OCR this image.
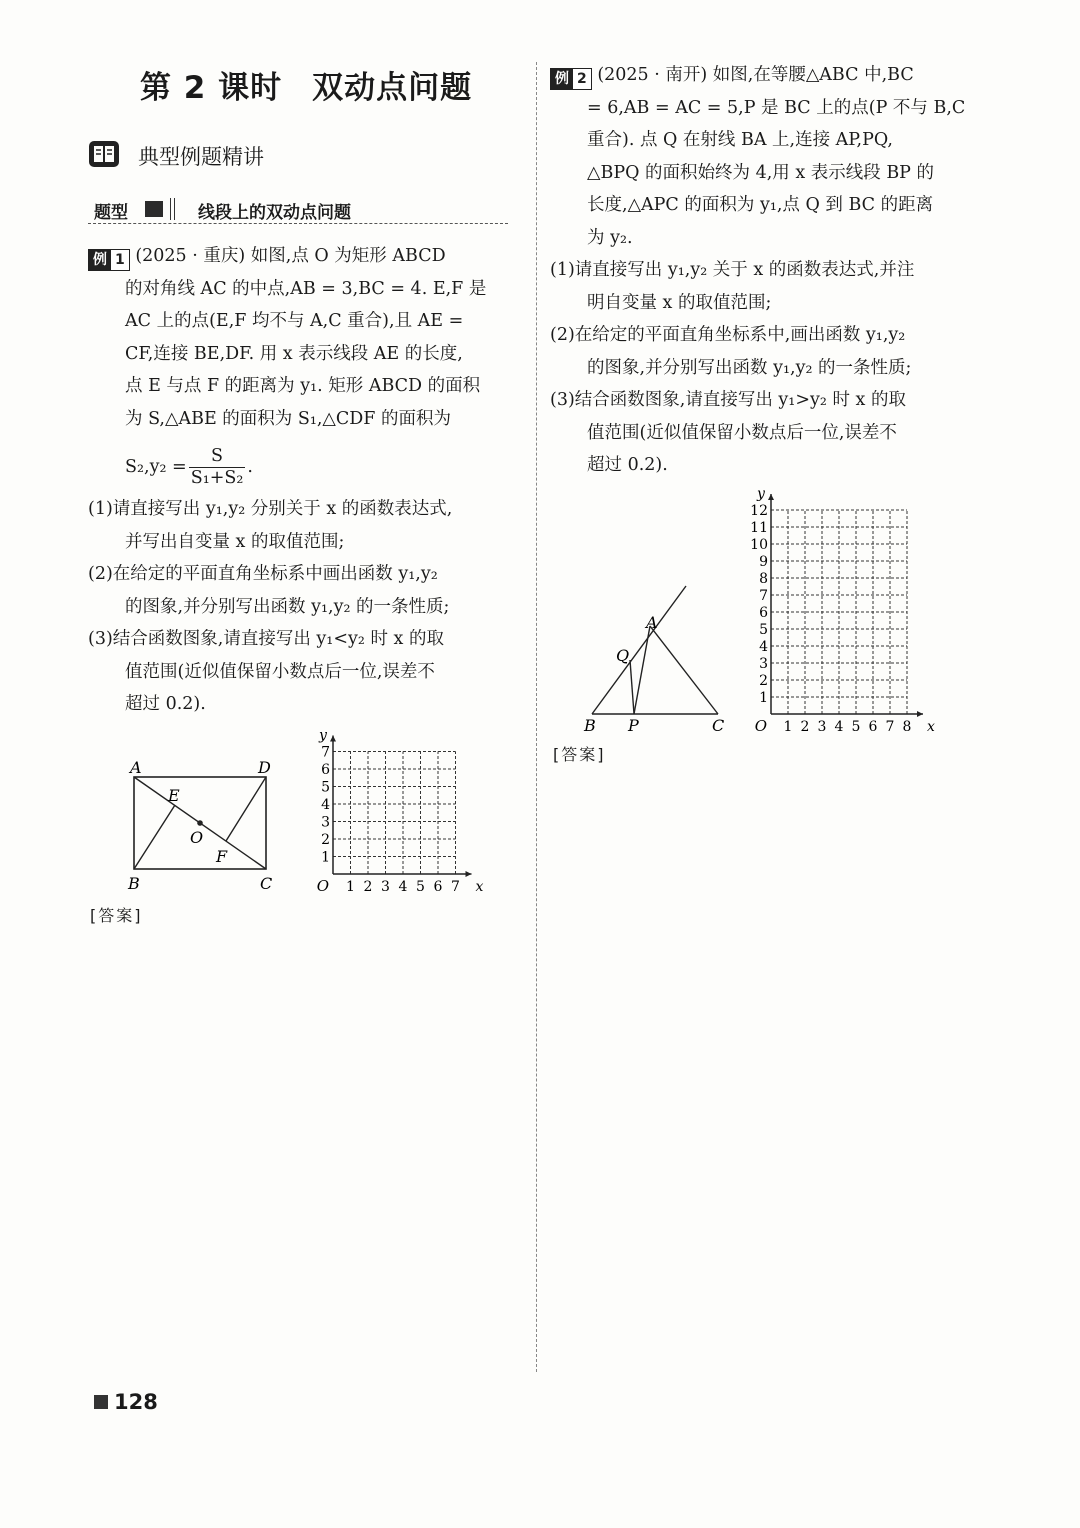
第 2 课时 双动点问题
典型例题精讲
题型	线段上的双动点问题
例 1 (2025 · 重庆) 如图,点 O 为矩形 ABCD
的对角线 AC 的中点,AB = 3,BC = 4. E,F 是
AC 上的点(E,F 均不与 A,C 重合),且 AE =
CF,连接 BE,DF. 用 x 表示线段 AE 的长度,
点 E 与点 F 的距离为 y₁. 矩形 ABCD 的面积
为 S,△ABE 的面积为 S₁,△CDF 的面积为
$S_2,y_2 = \frac{S}{\text{S₁+S₂}}$ .
(1)请直接写出 y₁,y₂ 分别关于 x 的函数表达式,
并写出自变量 x 的取值范围;
(2)在给定的平面直角坐标系中画出函数 y₁,y₂
的图象,并分别写出函数 y₁,y₂ 的一条性质;
(3)结合函数图象,请直接写出 y₁<y₂ 时 x 的取
值范围(近似值保留小数点后一位,误差不
超过 0.2).
A	D
B	C
E
O
F
1 2 3 4 5 6 7
1
2
3
4
5
6
7
O	x
y
[答案]
例 2 (2025 · 南开) 如图,在等腰△ABC 中,BC
= 6,AB = AC = 5,P 是 BC 上的点(P 不与 B,C
重合). 点 Q 在射线 BA 上,连接 AP,PQ,
△BPQ 的面积始终为 4,用 x 表示线段 BP 的
长度,△APC 的面积为 y₁,点 Q 到 BC 的距离
为 y₂.
(1)请直接写出 y₁,y₂ 关于 x 的函数表达式,并注
明自变量 x 的取值范围;
(2)在给定的平面直角坐标系中,画出函数 y₁,y₂
的图象,并分别写出函数 y₁,y₂ 的一条性质;
(3)结合函数图象,请直接写出 y₁>y₂ 时 x 的取
值范围(近似值保留小数点后一位,误差不
超过 0.2).
A
Q
B P	C	1 2 3 4 5 6 7 8
1
2
3
4
5
6
7
8
9
10
11
12
O	x
y
[答案]
128
